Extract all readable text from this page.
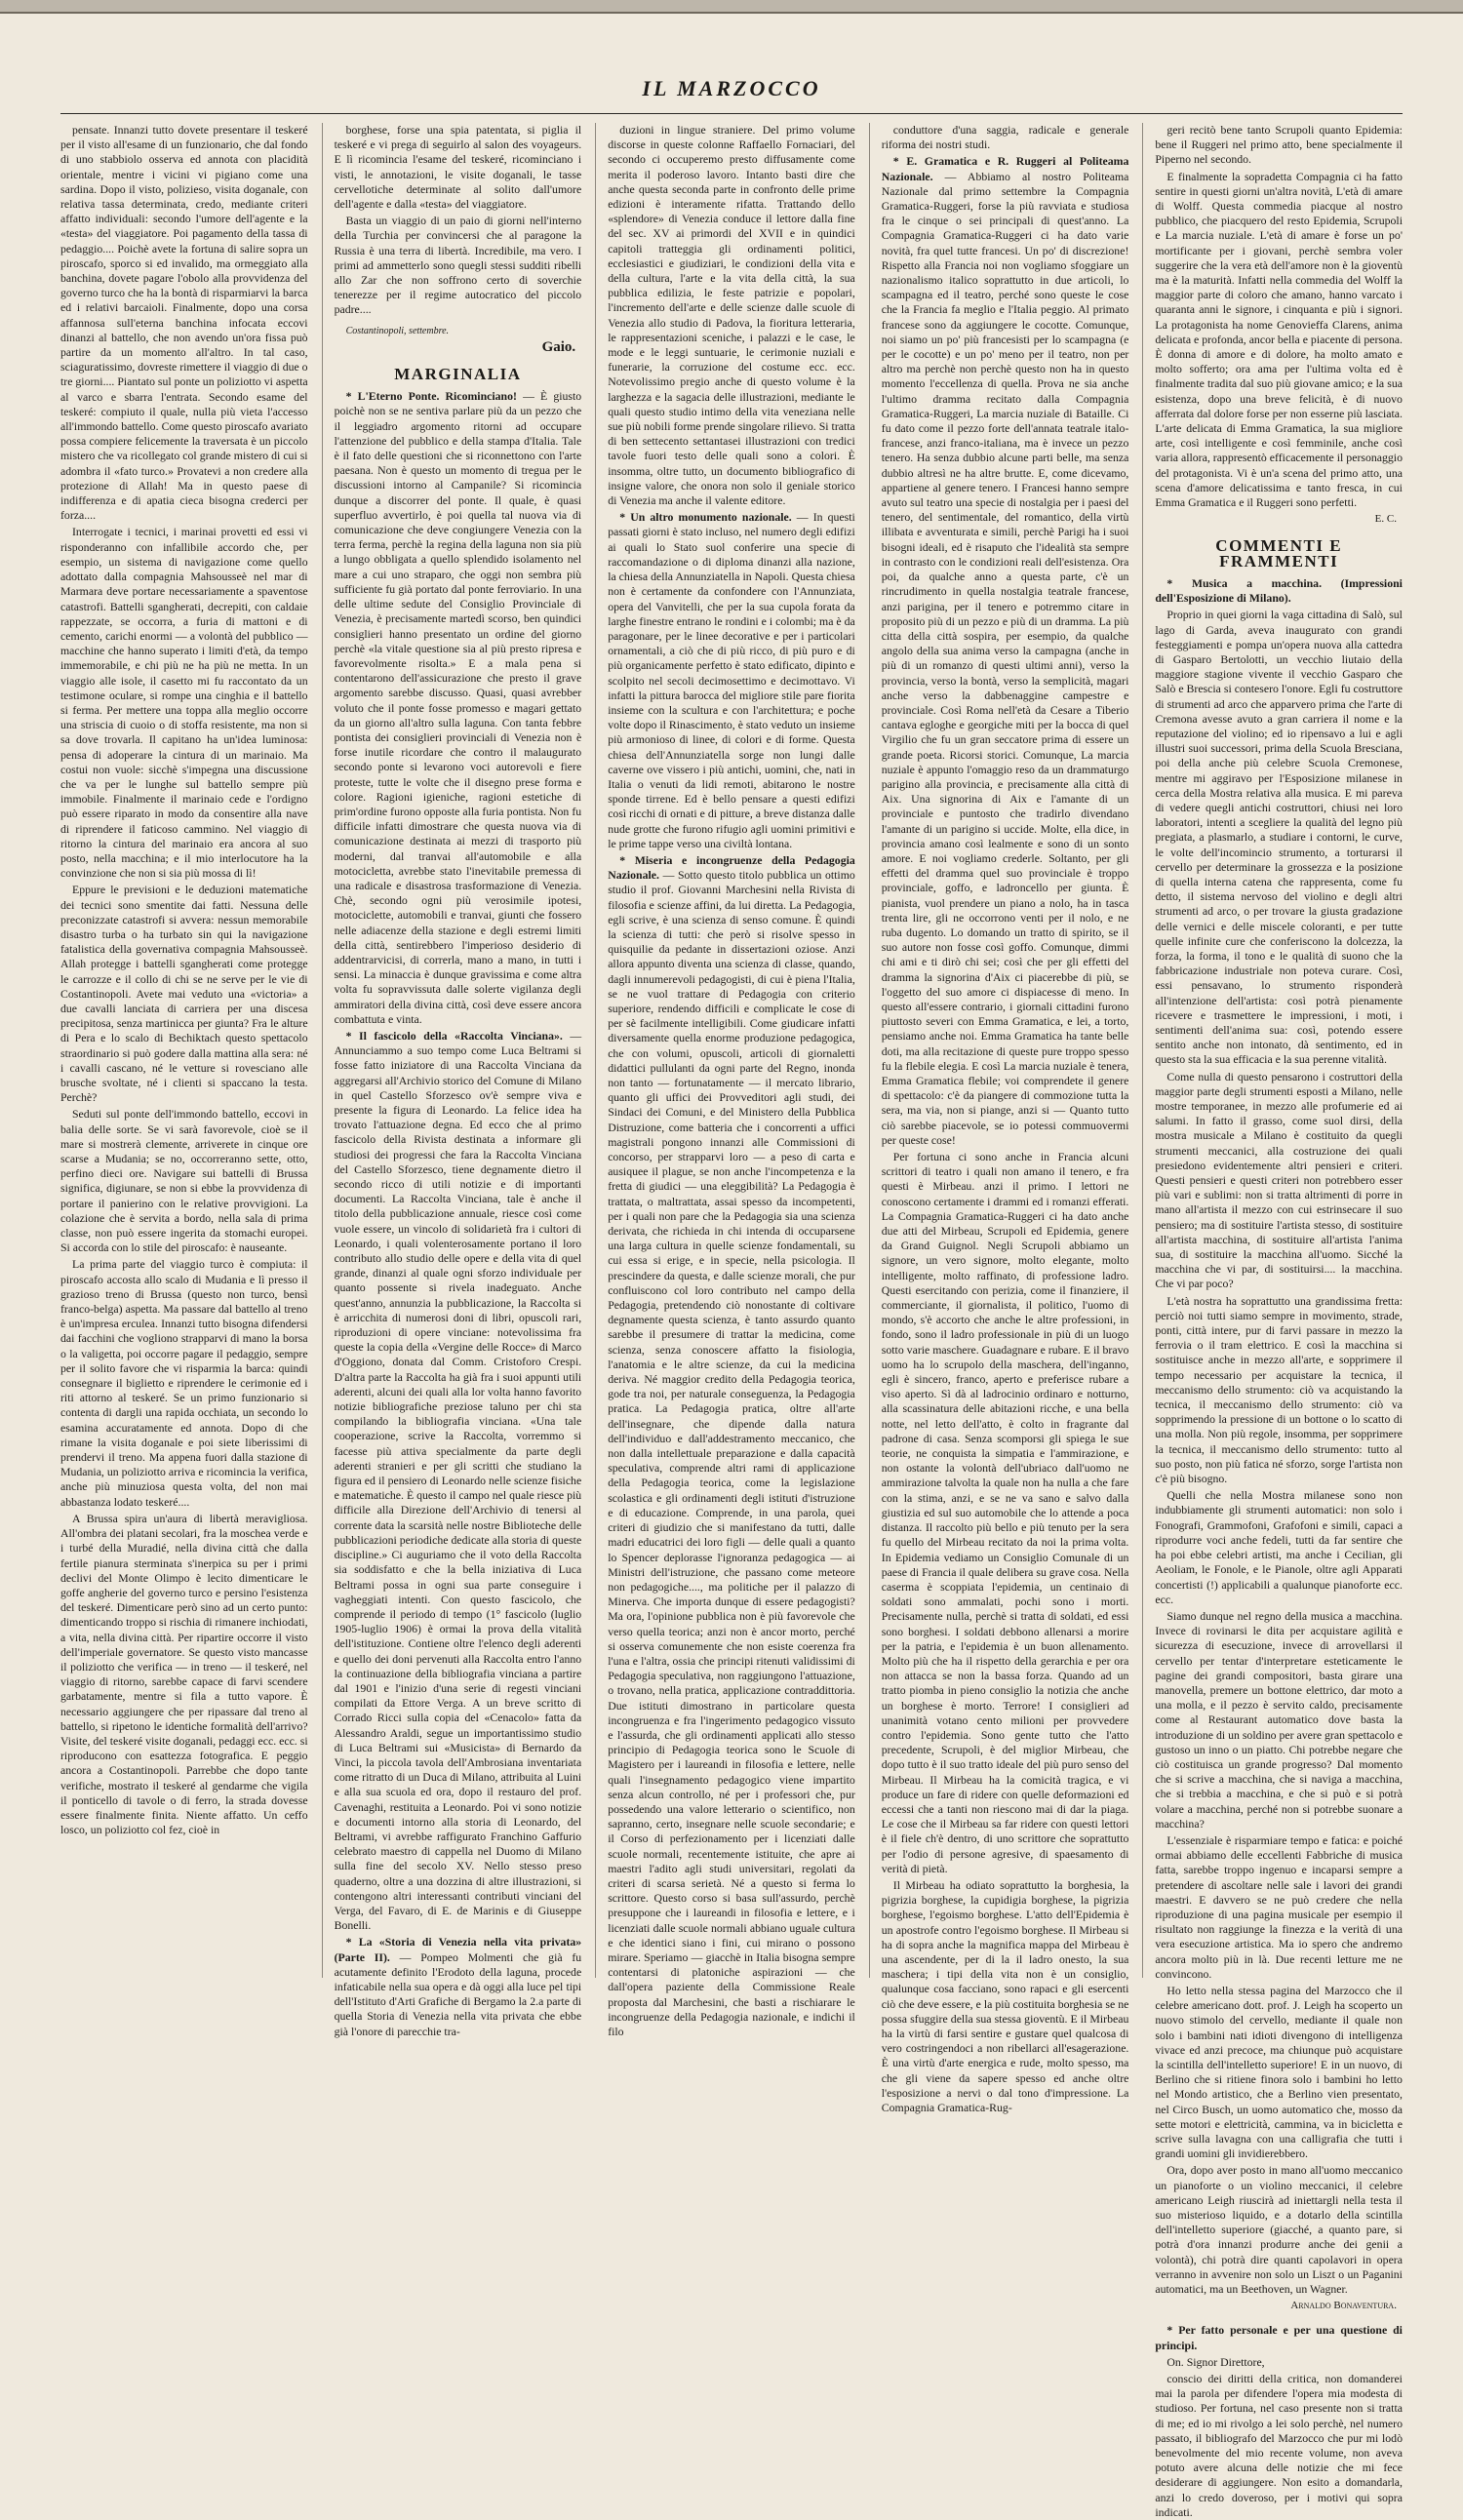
IL MARZOCCO

pensate. Innanzi tutto dovete presentare il teskeré per il visto all'esame di un funzionario, che dal fondo di uno stabbiolo osserva ed annota con placidità orientale, mentre i vicini vi pigiano come una sardina. Dopo il visto, polizieso, visita doganale, con relativa tassa determinata, credo, mediante criteri affatto individuali: secondo l'umore dell'agente e la «testa» del viaggiatore. Poi pagamento della tassa di pedaggio.... Poichè avete la fortuna di salire sopra un piroscafo, sporco si ed invalido, ma ormeggiato alla banchina, dovete pagare l'obolo alla provvidenza del governo turco che ha la bontà di risparmiarvi la barca ed i relativi barcaioli. Finalmente, dopo una corsa affannosa sull'eterna banchina infocata eccovi dinanzi al battello, che non avendo un'ora fissa può partire da un momento all'altro. In tal caso, sciaguratissimo, dovreste rimettere il viaggio di due o tre giorni.... Piantato sul ponte un poliziotto vi aspetta al varco e sbarra l'entrata. Secondo esame del teskeré: compiuto il quale, nulla più vieta l'accesso all'immondo battello. Come questo piroscafo avariato possa compiere felicemente la traversata è un piccolo mistero che va ricollegato col grande mistero di cui si adombra il «fato turco.» Provatevi a non credere alla protezione di Allah! Ma in questo paese di indifferenza e di apatia cieca bisogna crederci per forza....

Interrogate i tecnici, i marinai provetti ed essi vi risponderanno con infallibile accordo che, per esempio, un sistema di navigazione come quello adottato dalla compagnia Mahsousseè nel mar di Marmara deve portare necessariamente a spaventose catastrofi. Battelli sgangherati, decrepiti, con caldaie rappezzate, se occorra, a furia di mattoni e di cemento, carichi enormi — a volontà del pubblico — macchine che hanno superato i limiti d'età, da tempo immemorabile, e chi più ne ha più ne metta. In un viaggio alle isole, il casetto mi fu raccontato da un testimone oculare, si rompe una cinghia e il battello si ferma. Per mettere una toppa alla meglio occorre una striscia di cuoio o di stoffa resistente, ma non si sa dove trovarla. Il capitano ha un'idea luminosa: pensa di adoperare la cintura di un marinaio. Ma costui non vuole: sicchè s'impegna una discussione che va per le lunghe sul battello sempre più immobile. Finalmente il marinaio cede e l'ordigno può essere riparato in modo da consentire alla nave di riprendere il faticoso cammino. Nel viaggio di ritorno la cintura del marinaio era ancora al suo posto, nella macchina; e il mio interlocutore ha la convinzione che non si sia più mossa di lì!

Eppure le previsioni e le deduzioni matematiche dei tecnici sono smentite dai fatti. Nessuna delle preconizzate catastrofi si avvera: nessun memorabile disastro turba o ha turbato sin qui la navigazione fatalistica della governativa compagnia Mahsousseè. Allah protegge i battelli sgangherati come protegge le carrozze e il collo di chi se ne serve per le vie di Costantinopoli. Avete mai veduto una «victoria» a due cavalli lanciata di carriera per una discesa precipitosa, senza martinicca per giunta? Fra le alture di Pera e lo scalo di Bechiktach questo spettacolo straordinario si può godere dalla mattina alla sera: né i cavalli cascano, né le vetture si rovesciano alle brusche svoltate, né i clienti si spaccano la testa. Perchè?

Seduti sul ponte dell'immondo battello, eccovi in balia delle sorte. Se vi sarà favorevole, cioè se il mare si mostrerà clemente, arriverete in cinque ore scarse a Mudania; se no, occorreranno sette, otto, perfino dieci ore. Navigare sui battelli di Brussa significa, digiunare, se non si ebbe la provvidenza di portare il panierino con le relative provvigioni. La colazione che è servita a bordo, nella sala di prima classe, non può essere ingerita da stomachi europei. Si accorda con lo stile del piroscafo: è nauseante.

La prima parte del viaggio turco è compiuta: il piroscafo accosta allo scalo di Mudania e lì presso il grazioso treno di Brussa (questo non turco, bensì franco-belga) aspetta. Ma passare dal battello al treno è un'impresa erculea. Innanzi tutto bisogna difendersi dai facchini che vogliono strapparvi di mano la borsa o la valigetta, poi occorre pagare il pedaggio, sempre per il solito favore che vi risparmia la barca: quindi consegnare il biglietto e riprendere le cerimonie ed i riti attorno al teskeré. Se un primo funzionario si contenta di dargli una rapida occhiata, un secondo lo esamina accuratamente ed annota. Dopo di che rimane la visita doganale e poi siete liberissimi di prendervi il treno. Ma appena fuori dalla stazione di Mudania, un poliziotto arriva e ricomincia la verifica, anche più minuziosa questa volta, del non mai abbastanza lodato teskeré....

A Brussa spira un'aura di libertà meravigliosa. All'ombra dei platani secolari, fra la moschea verde e i turbé della Muradié, nella divina città che dalla fertile pianura sterminata s'inerpica su per i primi declivi del Monte Olimpo è lecito dimenticare le goffe angherie del governo turco e persino l'esistenza del teskeré. Dimenticare però sino ad un certo punto: dimenticando troppo si rischia di rimanere inchiodati, a vita, nella divina città. Per ripartire occorre il visto dell'imperiale governatore. Se questo visto mancasse il poliziotto che verifica — in treno — il teskeré, nel viaggio di ritorno, sarebbe capace di farvi scendere garbatamente, mentre si fila a tutto vapore. È necessario aggiungere che per ripassare dal treno al battello, si ripetono le identiche formalità dell'arrivo? Visite, del teskeré visite doganali, pedaggi ecc. ecc. si riproducono con esattezza fotografica. E peggio ancora a Costantinopoli. Parrebbe che dopo tante verifiche, mostrato il teskeré al gendarme che vigila il ponticello di tavole o di ferro, la strada dovesse essere finalmente finita. Niente affatto. Un ceffo losco, un poliziotto col fez, cioè in

borghese, forse una spia patentata, si piglia il teskeré e vi prega di seguirlo al salon des voyageurs. E lì ricomincia l'esame del teskeré, ricominciano i visti, le annotazioni, le visite doganali, le tasse cervellotiche determinate al solito dall'umore dell'agente e dalla «testa» del viaggiatore.

Basta un viaggio di un paio di giorni nell'interno della Turchia per convincersi che al paragone la Russia è una terra di libertà. Incredibile, ma vero. I primi ad ammetterlo sono quegli stessi sudditi ribelli allo Zar che non soffrono certo di soverchie tenerezze per il regime autocratico del piccolo padre....

Costantinopoli, settembre.
Gaio.
MARGINALIA

* L'Eterno Ponte. Ricominciano! — È giusto poichè non se ne sentiva parlare più da un pezzo che il leggiadro argomento ritorni ad occupare l'attenzione del pubblico e della stampa d'Italia. Tale è il fato delle questioni che si riconnettono con l'arte paesana. Non è questo un momento di tregua per le discussioni intorno al Campanile? Si ricomincia dunque a discorrer del ponte. Il quale, è quasi superfluo avvertirlo, è poi quella tal nuova via di comunicazione che deve congiungere Venezia con la terra ferma, perchè la regina della laguna non sia più a lungo obbligata a quello splendido isolamento nel mare a cui uno straparo, che oggi non sembra più sufficiente fu già portato dal ponte ferroviario. In una delle ultime sedute del Consiglio Provinciale di Venezia, è precisamente martedì scorso, ben quindici consiglieri hanno presentato un ordine del giorno perchè «la vitale questione sia al più presto ripresa e favorevolmente risolta.» E a mala pena si contentarono dell'assicurazione che presto il grave argomento sarebbe discusso. Quasi, quasi avrebber voluto che il ponte fosse promesso e magari gettato da un giorno all'altro sulla laguna. Con tanta febbre pontista dei consiglieri provinciali di Venezia non è forse inutile ricordare che contro il malaugurato secondo ponte si levarono voci autorevoli e fiere proteste, tutte le volte che il disegno prese forma e colore. Ragioni igieniche, ragioni estetiche di prim'ordine furono opposte alla furia pontista. Non fu difficile infatti dimostrare che questa nuova via di comunicazione destinata ai mezzi di trasporto più moderni, dal tranvai all'automobile e alla motocicletta, avrebbe stato l'inevitabile premessa di una radicale e disastrosa trasformazione di Venezia. Chè, secondo ogni più verosimile ipotesi, motociclette, automobili e tranvai, giunti che fossero nelle adiacenze della stazione e degli estremi limiti della città, sentirebbero l'imperioso desiderio di addentrarvicisi, di correrla, mano a mano, in tutti i sensi. La minaccia è dunque gravissima e come altra volta fu sopravvissuta dalle solerte vigilanza degli ammiratori della divina città, così deve essere ancora combattuta e vinta.

* Il fascicolo della «Raccolta Vinciana». — Annunciammo a suo tempo come Luca Beltrami si fosse fatto iniziatore di una Raccolta Vinciana da aggregarsi all'Archivio storico del Comune di Milano in quel Castello Sforzesco ov'è sempre viva e presente la figura di Leonardo. La felice idea ha trovato l'attuazione degna. Ed ecco che al primo fascicolo della Rivista destinata a informare gli studiosi dei progressi che fara la Raccolta Vinciana del Castello Sforzesco, tiene degnamente dietro il secondo ricco di utili notizie e di importanti documenti. La Raccolta Vinciana, tale è anche il titolo della pubblicazione annuale, riesce così come vuole essere, un vincolo di solidarietà fra i cultori di Leonardo, i quali volenterosamente portano il loro contributo allo studio delle opere e della vita di quel grande, dinanzi al quale ogni sforzo individuale per quanto possente si rivela inadeguato. Anche quest'anno, annunzia la pubblicazione, la Raccolta si è arricchita di numerosi doni di libri, opuscoli rari, riproduzioni di opere vinciane: notevolissima fra queste la copia della «Vergine delle Rocce» di Marco d'Oggiono, donata dal Comm. Cristoforo Crespi. D'altra parte la Raccolta ha già fra i suoi appunti utili aderenti, alcuni dei quali alla lor volta hanno favorito notizie bibliografiche preziose taluno per chi sta compilando la bibliografia vinciana. «Una tale cooperazione, scrive la Raccolta, vorremmo si facesse più attiva specialmente da parte degli aderenti stranieri e per gli scritti che studiano la figura ed il pensiero di Leonardo nelle scienze fisiche e matematiche. È questo il campo nel quale riesce più difficile alla Direzione dell'Archivio di tenersi al corrente data la scarsità nelle nostre Biblioteche delle pubblicazioni periodiche dedicate alla storia di queste discipline.» Ci auguriamo che il voto della Raccolta sia soddisfatto e che la bella iniziativa di Luca Beltrami possa in ogni sua parte conseguire i vagheggiati intenti. Con questo fascicolo, che comprende il periodo di tempo (1° fascicolo (luglio 1905-luglio 1906) è ormai la prova della vitalità dell'istituzione. Contiene oltre l'elenco degli aderenti e quello dei doni pervenuti alla Raccolta entro l'anno la continuazione della bibliografia vinciana a partire dal 1901 e l'inizio d'una serie di regesti vinciani compilati da Ettore Verga. A un breve scritto di Corrado Ricci sulla copia del «Cenacolo» fatta da Alessandro Araldi, segue un importantissimo studio di Luca Beltrami sui «Musicista» di Bernardo da Vinci, la piccola tavola dell'Ambrosiana inventariata come ritratto di un Duca di Milano, attribuita al Luini e alla sua scuola ed ora, dopo il restauro del prof. Cavenaghi, restituita a Leonardo. Poi vi sono notizie e documenti intorno alla storia di Leonardo, del Beltrami, vi avrebbe raffigurato Franchino Gaffurio celebrato maestro di cappella nel Duomo di Milano sulla fine del secolo XV. Nello stesso preso quaderno, oltre a una dozzina di altre illustrazioni, si contengono altri interessanti contributi vinciani del Verga, del Favaro, di E. de Marinis e di Giuseppe Bonelli.

* La «Storia di Venezia nella vita privata» (Parte II). — Pompeo Molmenti che già fu acutamente definito l'Erodoto della laguna, procede infaticabile nella sua opera e dà oggi alla luce pel tipi dell'Istituto d'Arti Grafiche di Bergamo la 2.a parte di quella Storia di Venezia nella vita privata che ebbe già l'onore di parecchie tra-

duzioni in lingue straniere. Del primo volume discorse in queste colonne Raffaello Fornaciari, del secondo ci occuperemo presto diffusamente come merita il poderoso lavoro. Intanto basti dire che anche questa seconda parte in confronto delle prime edizioni è interamente rifatta. Trattando dello «splendore» di Venezia conduce il lettore dalla fine del sec. XV ai primordi del XVII e in quindici capitoli tratteggia gli ordinamenti politici, ecclesiastici e giudiziari, le condizioni della vita e della cultura, l'arte e la vita della città, la sua pubblica edilizia, le feste patrizie e popolari, l'incremento dell'arte e delle scienze dalle scuole di Venezia allo studio di Padova, la fioritura letteraria, le rappresentazioni sceniche, i palazzi e le case, le mode e le leggi suntuarie, le cerimonie nuziali e funerarie, la corruzione del costume ecc. ecc. Notevolissimo pregio anche di questo volume è la larghezza e la sagacia delle illustrazioni, mediante le quali questo studio intimo della vita veneziana nelle sue più nobili forme prende singolare rilievo. Si tratta di ben settecento settantasei illustrazioni con tredici tavole fuori testo delle quali sono a colori. È insomma, oltre tutto, un documento bibliografico di insigne valore, che onora non solo il geniale storico di Venezia ma anche il valente editore.

* Un altro monumento nazionale. — In questi passati giorni è stato incluso, nel numero degli edifizi ai quali lo Stato suol conferire una specie di raccomandazione o di diploma dinanzi alla nazione, la chiesa della Annunziatella in Napoli. Questa chiesa non è certamente da confondere con l'Annunziata, opera del Vanvitelli, che per la sua cupola forata da larghe finestre entrano le rondini e i colombi; ma è da paragonare, per le linee decorative e per i particolari ornamentali, a ciò che di più ricco, di più puro e di più organicamente perfetto è stato edificato, dipinto e scolpito nel secoli decimosettimo e decimottavo. Vi infatti la pittura barocca del migliore stile pare fiorita insieme con la scultura e con l'architettura; e poche volte dopo il Rinascimento, è stato veduto un insieme più armonioso di linee, di colori e di forme. Questa chiesa dell'Annunziatella sorge non lungi dalle caverne ove vissero i più antichi, uomini, che, nati in Italia o venuti da lidi remoti, abitarono le nostre sponde tirrene. Ed è bello pensare a questi edifizi così ricchi di ornati e di pitture, a breve distanza dalle nude grotte che furono rifugio agli uomini primitivi e le prime tappe verso una civiltà lontana.

* Miseria e incongruenze della Pedagogia Nazionale. — Sotto questo titolo pubblica un ottimo studio il prof. Giovanni Marchesini nella Rivista di filosofia e scienze affini, da lui diretta. La Pedagogia, egli scrive, è una scienza di senso comune. È quindi la scienza di tutti: che però si risolve spesso in quisquilie da pedante in dissertazioni oziose. Anzi allora appunto diventa una scienza di classe, quando, dagli innumerevoli pedagogisti, di cui è piena l'Italia, se ne vuol trattare di Pedagogia con criterio superiore, rendendo difficili e complicate le cose di per sè facilmente intelligibili. Come giudicare infatti diversamente quella enorme produzione pedagogica, che con volumi, opuscoli, articoli di giornaletti didattici pullulanti da ogni parte del Regno, inonda non tanto — fortunatamente — il mercato librario, quanto gli uffici dei Provveditori agli studi, dei Sindaci dei Comuni, e del Ministero della Pubblica Distruzione, come batteria che i concorrenti a uffici magistrali pongono innanzi alle Commissioni di concorso, per strapparvi loro — a peso di carta e ausiquee il plague, se non anche l'incompetenza e la fretta di giudici — una eleggibilità? La Pedagogia è trattata, o maltrattata, assai spesso da incompetenti, per i quali non pare che la Pedagogia sia una scienza derivata, che richieda in chi intenda di occuparsene una larga cultura in quelle scienze fondamentali, su cui essa si erige, e in specie, nella psicologia. Il prescindere da questa, e dalle scienze morali, che pur confluiscono col loro contributo nel campo della Pedagogia, pretendendo ciò nonostante di coltivare degnamente questa scienza, è tanto assurdo quanto sarebbe il presumere di trattar la medicina, come scienza, senza conoscere affatto la fisiologia, l'anatomia e le altre scienze, da cui la medicina deriva. Né maggior credito della Pedagogia teorica, gode tra noi, per naturale conseguenza, la Pedagogia pratica. La Pedagogia pratica, oltre all'arte dell'insegnare, che dipende dalla natura dell'individuo e dall'addestramento meccanico, che non dalla intellettuale preparazione e dalla capacità speculativa, comprende altri rami di applicazione della Pedagogia teorica, come la legislazione scolastica e gli ordinamenti degli istituti d'istruzione e di educazione. Comprende, in una parola, quei criteri di giudizio che si manifestano da tutti, dalle madri educatrici dei loro figli — delle quali a quanto lo Spencer deplorasse l'ignoranza pedagogica — ai Ministri dell'istruzione, che passano come meteore non pedagogiche...., ma politiche per il palazzo di Minerva. Che importa dunque di essere pedagogisti? Ma ora, l'opinione pubblica non è più favorevole che verso quella teorica; anzi non è ancor morto, perché si osserva comunemente che non esiste coerenza fra l'una e l'altra, ossia che principi ritenuti validissimi di Pedagogia speculativa, non raggiungono l'attuazione, o trovano, nella pratica, applicazione contraddittoria. Due istituti dimostrano in particolare questa incongruenza e fra l'ingerimento pedagogico vissuto e l'assurda, che gli ordinamenti applicati allo stesso principio di Pedagogia teorica sono le Scuole di Magistero per i laureandi in filosofia e lettere, nelle quali l'insegnamento pedagogico viene impartito senza alcun controllo, né per i professori che, pur possedendo una valore letterario o scientifico, non sapranno, certo, insegnare nelle scuole secondarie; e il Corso di perfezionamento per i licenziati dalle scuole normali, recentemente istituite, che apre ai maestri l'adito agli studi universitari, regolati da criteri di scarsa serietà. Né a questo si ferma lo scrittore. Questo corso si basa sull'assurdo, perchè presuppone che i laureandi in filosofia e lettere, e i licenziati dalle scuole normali abbiano uguale cultura e che identici siano i fini, cui mirano o possono mirare. Speriamo — giacchè in Italia bisogna sempre contentarsi di platoniche aspirazioni — che dall'opera paziente della Commissione Reale proposta dal Marchesini, che basti a rischiarare le incongruenze della Pedagogia nazionale, e indichi il filo

conduttore d'una saggia, radicale e generale riforma dei nostri studi.

* E. Gramatica e R. Ruggeri al Politeama Nazionale. — Abbiamo al nostro Politeama Nazionale dal primo settembre la Compagnia Gramatica-Ruggeri, forse la più ravviata e studiosa fra le cinque o sei principali di quest'anno. La Compagnia Gramatica-Ruggeri ci ha dato varie novità, fra quel tutte francesi. Un po' di discrezione! Rispetto alla Francia noi non vogliamo sfoggiare un nazionalismo italico soprattutto in due articoli, lo scampagna ed il teatro, perché sono queste le cose che la Francia fa meglio e l'Italia peggio. Al primato francese sono da aggiungere le cocotte. Comunque, noi siamo un po' più francesisti per lo scampagna (e per le cocotte) e un po' meno per il teatro, non per altro ma perchè non perchè questo non ha in questo momento l'eccellenza di quella. Prova ne sia anche l'ultimo dramma recitato dalla Compagnia Gramatica-Ruggeri, La marcia nuziale di Bataille. Ci fu dato come il pezzo forte dell'annata teatrale italo-francese, anzi franco-italiana, ma è invece un pezzo tenero. Ha senza dubbio alcune parti belle, ma senza dubbio altresì ne ha altre brutte. E, come dicevamo, appartiene al genere tenero. I Francesi hanno sempre avuto sul teatro una specie di nostalgia per i paesi del tenero, del sentimentale, del romantico, della virtù illibata e avventurata e simili, perchè Parigi ha i suoi bisogni ideali, ed è risaputo che l'idealità sta sempre in contrasto con le condizioni reali dell'esistenza. Ora poi, da qualche anno a questa parte, c'è un rincrudimento in quella nostalgia teatrale francese, anzi parigina, per il tenero e potremmo citare in proposito più di un pezzo e più di un dramma. La più citta della città sospira, per esempio, da qualche angolo della sua anima verso la campagna (anche in più di un romanzo di questi ultimi anni), verso la provincia, verso la bontà, verso la semplicità, magari anche verso la dabbenaggine campestre e provinciale. Così Roma nell'età da Cesare a Tiberio cantava egloghe e georgiche miti per la bocca di quel Virgilio che fu un gran seccatore prima di essere un grande poeta. Ricorsi storici. Comunque, La marcia nuziale è appunto l'omaggio reso da un drammaturgo parigino alla provincia, e precisamente alla città di Aix. Una signorina di Aix e l'amante di un provinciale e puntosto che tradirlo divendano l'amante di un parigino si uccide. Molte, ella dice, in provincia amano così lealmente e sono di un sonto amore. E noi vogliamo crederle. Soltanto, per gli effetti del dramma quel suo provinciale è troppo provinciale, goffo, e ladroncello per giunta. È pianista, vuol prendere un piano a nolo, ha in tasca trenta lire, gli ne occorrono venti per il nolo, e ne ruba dugento. Lo domando un tratto di spirito, se il suo autore non fosse così goffo. Comunque, dimmi chi ami e ti dirò chi sei; così che per gli effetti del dramma la signorina d'Aix ci piacerebbe di più, se l'oggetto del suo amore ci dispiacesse di meno. In questo all'essere contrario, i giornali cittadini furono piuttosto severi con Emma Gramatica, e lei, a torto, pensiamo anche noi. Emma Gramatica ha tante belle doti, ma alla recitazione di queste pure troppo spesso fu la flebile elegia. E così La marcia nuziale è tenera, Emma Gramatica flebile; voi comprendete il genere di spettacolo: c'è da piangere di commozione tutta la sera, ma via, non si piange, anzi si — Quanto tutto ciò sarebbe piacevole, se io potessi commuovermi per queste cose!

Per fortuna ci sono anche in Francia alcuni scrittori di teatro i quali non amano il tenero, e fra questi è Mirbeau. anzi il primo. I lettori ne conoscono certamente i drammi ed i romanzi efferati. La Compagnia Gramatica-Ruggeri ci ha dato anche due atti del Mirbeau, Scrupoli ed Epidemia, genere da Grand Guignol. Negli Scrupoli abbiamo un signore, un vero signore, molto elegante, molto intelligente, molto raffinato, di professione ladro. Questi esercitando con perizia, come il finanziere, il commerciante, il giornalista, il politico, l'uomo di mondo, s'è accorto che anche le altre professioni, in fondo, sono il ladro professionale in più di un luogo sotto varie maschere. Guadagnare e rubare. E il bravo uomo ha lo scrupolo della maschera, dell'inganno, egli è sincero, franco, aperto e preferisce rubare a viso aperto. Sì dà al ladrocinio ordinaro e notturno, alla scassinatura delle abitazioni ricche, e una bella notte, nel letto dell'atto, è colto in fragrante dal padrone di casa. Senza scomporsi gli spiega le sue teorie, ne conquista la simpatia e l'ammirazione, e non ostante la volontà dell'ubriaco dall'uomo ne ammirazione talvolta la quale non ha nulla a che fare con la stima, anzi, e se ne va sano e salvo dalla giustizia ed sul suo automobile che lo attende a poca distanza. Il raccolto più bello e più tenuto per la sera fu quello del Mirbeau recitato da noi la prima volta. In Epidemia vediamo un Consiglio Comunale di un paese di Francia il quale delibera su grave cosa. Nella caserma è scoppiata l'epidemia, un centinaio di soldati sono ammalati, pochi sono i morti. Precisamente nulla, perchè si tratta di soldati, ed essi sono borghesi. I soldati debbono allenarsi a morire per la patria, e l'epidemia è un buon allenamento. Molto più che ha il rispetto della gerarchia e per ora non attacca se non la bassa forza. Quando ad un tratto piomba in pieno consiglio la notizia che anche un borghese è morto. Terrore! I consiglieri ad unanimità votano cento milioni per provvedere contro l'epidemia. Sono gente tutto che l'atto precedente, Scrupoli, è del miglior Mirbeau, che dopo tutto è il suo tratto ideale del più puro senso del Mirbeau. Il Mirbeau ha la comicità tragica, e vi produce un fare di ridere con quelle deformazioni ed eccessi che a tanti non riescono mai di dar la piaga. Le cose che il Mirbeau sa far ridere con questi lettori è il fiele ch'è dentro, di uno scrittore che soprattutto per l'odio di persone agresive, di spaesamento di verità di pietà.

Il Mirbeau ha odiato soprattutto la borghesia, la pigrizia borghese, la cupidigia borghese, la pigrizia borghese, l'egoismo borghese. L'atto dell'Epidemia è un apostrofe contro l'egoismo borghese. Il Mirbeau si ha di sopra anche la magnifica mappa del Mirbeau è una ascendente, per di la il ladro onesto, la sua maschera; i tipi della vita non è un consiglio, qualunque cosa facciano, sono rapaci e gli esercenti ciò che deve essere, e la più costituita borghesia se ne possa sfuggire della sua stessa gioventù. E il Mirbeau ha la virtù di farsi sentire e gustare quel qualcosa di vero costringendoci a non ribellarci all'esagerazione. È una virtù d'arte energica e rude, molto spesso, ma che gli viene da sapere spesso ed anche oltre l'esposizione a nervi o dal tono d'impressione. La Compagnia Gramatica-Rug-

geri recitò bene tanto Scrupoli quanto Epidemia: bene il Ruggeri nel primo atto, bene specialmente il Piperno nel secondo.

E finalmente la sopradetta Compagnia ci ha fatto sentire in questi giorni un'altra novità, L'età di amare di Wolff. Questa commedia piacque al nostro pubblico, che piacquero del resto Epidemia, Scrupoli e La marcia nuziale. L'età di amare è forse un po' mortificante per i giovani, perchè sembra voler suggerire che la vera età dell'amore non è la gioventù ma è la maturità. Infatti nella commedia del Wolff la maggior parte di coloro che amano, hanno varcato i quaranta anni le signore, i cinquanta e più i signori. La protagonista ha nome Genovieffa Clarens, anima delicata e profonda, ancor bella e piacente di persona. È donna di amore e di dolore, ha molto amato e molto sofferto; ora ama per l'ultima volta ed è finalmente tradita dal suo più giovane amico; e la sua esistenza, dopo una breve felicità, è di nuovo afferrata dal dolore forse per non esserne più lasciata. L'arte delicata di Emma Gramatica, la sua migliore arte, così intelligente e così femminile, anche così varia allora, rappresentò efficacemente il personaggio del protagonista. Vi è un'a scena del primo atto, una scena d'amore delicatissima e tanto fresca, in cui Emma Gramatica e il Ruggeri sono perfetti.

E. C.
COMMENTI E FRAMMENTI

* Musica a macchina. (Impressioni dell'Esposizione di Milano).

Proprio in quei giorni la vaga cittadina di Salò, sul lago di Garda, aveva inaugurato con grandi festeggiamenti e pompa un'opera nuova alla cattedra di Gasparo Bertolotti, un vecchio liutaio della maggiore stagione vivente il vecchio Gasparo che Salò e Brescia si contesero l'onore. Egli fu costruttore di strumenti ad arco che apparvero prima che l'arte di Cremona avesse avuto a gran carriera il nome e la reputazione del violino; ed io ripensavo a lui e agli illustri suoi successori, prima della Scuola Bresciana, poi della anche più celebre Scuola Cremonese, mentre mi aggiravo per l'Esposizione milanese in cerca della Mostra relativa alla musica. E mi pareva di vedere quegli antichi costruttori, chiusi nei loro laboratori, intenti a scegliere la qualità del legno più pregiata, a plasmarlo, a studiare i contorni, le curve, le volte dell'incomincio strumento, a torturarsi il cervello per determinare la grossezza e la posizione di quella interna catena che rappresenta, come fu detto, il sistema nervoso del violino e degli altri strumenti ad arco, o per trovare la giusta gradazione delle vernici e delle miscele coloranti, e per tutte quelle infinite cure che conferiscono la dolcezza, la forza, la forma, il tono e le qualità di suono che la fabbricazione industriale non poteva curare. Così, essi pensavano, lo strumento risponderà all'intenzione dell'artista: così potrà pienamente ricevere e trasmettere le impressioni, i moti, i sentimenti dell'anima sua: così, potendo essere sentito anche non intonato, dà sentimento, ed in questo sta la sua efficacia e la sua perenne vitalità.

Come nulla di questo pensarono i costruttori della maggior parte degli strumenti esposti a Milano, nelle mostre temporanee, in mezzo alle profumerie ed ai salumi. In fatto il grasso, come suol dirsi, della mostra musicale a Milano è costituito da quegli strumenti meccanici, alla costruzione dei quali presiedono evidentemente altri pensieri e criteri. Questi pensieri e questi criteri non potrebbero esser più vari e sublimi: non si tratta altrimenti di porre in mano all'artista il mezzo con cui estrinsecare il suo pensiero; ma di sostituire l'artista stesso, di sostituire all'artista macchina, di sostituire all'artista l'anima sua, di sostituire la macchina all'uomo. Sicché la macchina che vi par, di sostituirsi.... la macchina. Che vi par poco?

L'età nostra ha soprattutto una grandissima fretta: perciò noi tutti siamo sempre in movimento, strade, ponti, città intere, pur di farvi passare in mezzo la ferrovia o il tram elettrico. E così la macchina si sostituisce anche in mezzo all'arte, e sopprimere il tempo necessario per acquistare la tecnica, il meccanismo dello strumento: ciò va acquistando la tecnica, il meccanismo dello strumento: ciò va sopprimendo la pressione di un bottone o lo scatto di una molla. Non più regole, insomma, per sopprimere la tecnica, il meccanismo dello strumento: tutto al suo posto, non più fatica né sforzo, sorge l'artista non c'è più bisogno.

Quelli che nella Mostra milanese sono non indubbiamente gli strumenti automatici: non solo i Fonografi, Grammofoni, Grafofoni e simili, capaci a riprodurre voci anche fedeli, tutti da far sentire che ha poi ebbe celebri artisti, ma anche i Cecilian, gli Aeoliam, le Fonole, e le Pianole, oltre agli Apparati concertisti (!) applicabili a qualunque pianoforte ecc. ecc.

Siamo dunque nel regno della musica a macchina. Invece di rovinarsi le dita per acquistare agilità e sicurezza di esecuzione, invece di arrovellarsi il cervello per tentar d'interpretare esteticamente le pagine dei grandi compositori, basta girare una manovella, premere un bottone elettrico, dar moto a una molla, e il pezzo è servito caldo, precisamente come al Restaurant automatico dove basta la introduzione di un soldino per avere gran spettacolo e gustoso un inno o un piatto. Chi potrebbe negare che ciò costituisca un grande progresso? Dal momento che si scrive a macchina, che si naviga a macchina, che si trebbia a macchina, e che si può e si potrà volare a macchina, perché non si potrebbe suonare a macchina?

L'essenziale è risparmiare tempo e fatica: e poiché ormai abbiamo delle eccellenti Fabbriche di musica fatta, sarebbe troppo ingenuo e incaparsi sempre a pretendere di ascoltare nelle sale i lavori dei grandi maestri. E davvero se ne può credere che nella riproduzione di una pagina musicale per esempio il risultato non raggiunge la finezza e la verità di una vera esecuzione artistica. Ma io spero che andremo ancora molto più in là. Due recenti letture me ne convincono.

Ho letto nella stessa pagina del Marzocco che il celebre americano dott. prof. J. Leigh ha scoperto un nuovo stimolo del cervello, mediante il quale non solo i bambini nati idioti divengono di intelligenza vivace ed anzi precoce, ma chiunque può acquistare la scintilla dell'intelletto superiore! E in un nuovo, di Berlino che si ritiene finora solo i bambini ho letto nel Mondo artistico, che a Berlino vien presentato, nel Circo Busch, un uomo automatico che, mosso da sette motori e elettricità, cammina, va in bicicletta e scrive sulla lavagna con una calligrafia che tutti i grandi uomini gli invidierebbero.

Ora, dopo aver posto in mano all'uomo meccanico un pianoforte o un violino meccanici, il celebre americano Leigh riuscirà ad iniettargli nella testa il suo misterioso liquido, e a dotarlo della scintilla dell'intelletto superiore (giacché, a quanto pare, si potrà d'ora innanzi produrre anche dei genii a volontà), chi potrà dire quanti capolavori in opera verranno in avvenire non solo un Liszt o un Paganini automatici, ma un Beethoven, un Wagner.

Arnaldo Bonaventura.

* Per fatto personale e per una questione di principi.

On. Signor Direttore,

conscio dei diritti della critica, non domanderei mai la parola per difendere l'opera mia modesta di studioso. Per fortuna, nel caso presente non si tratta di me; ed io mi rivolgo a lei solo perchè, nel numero passato, il bibliografo del Marzocco che pur mi lodò benevolmente del mio recente volume, non aveva potuto avere alcuna delle notizie che mi fece desiderare di aggiungere. Non esito a domandarla, anzi lo credo doveroso, per i motivi qui sopra indicati.
